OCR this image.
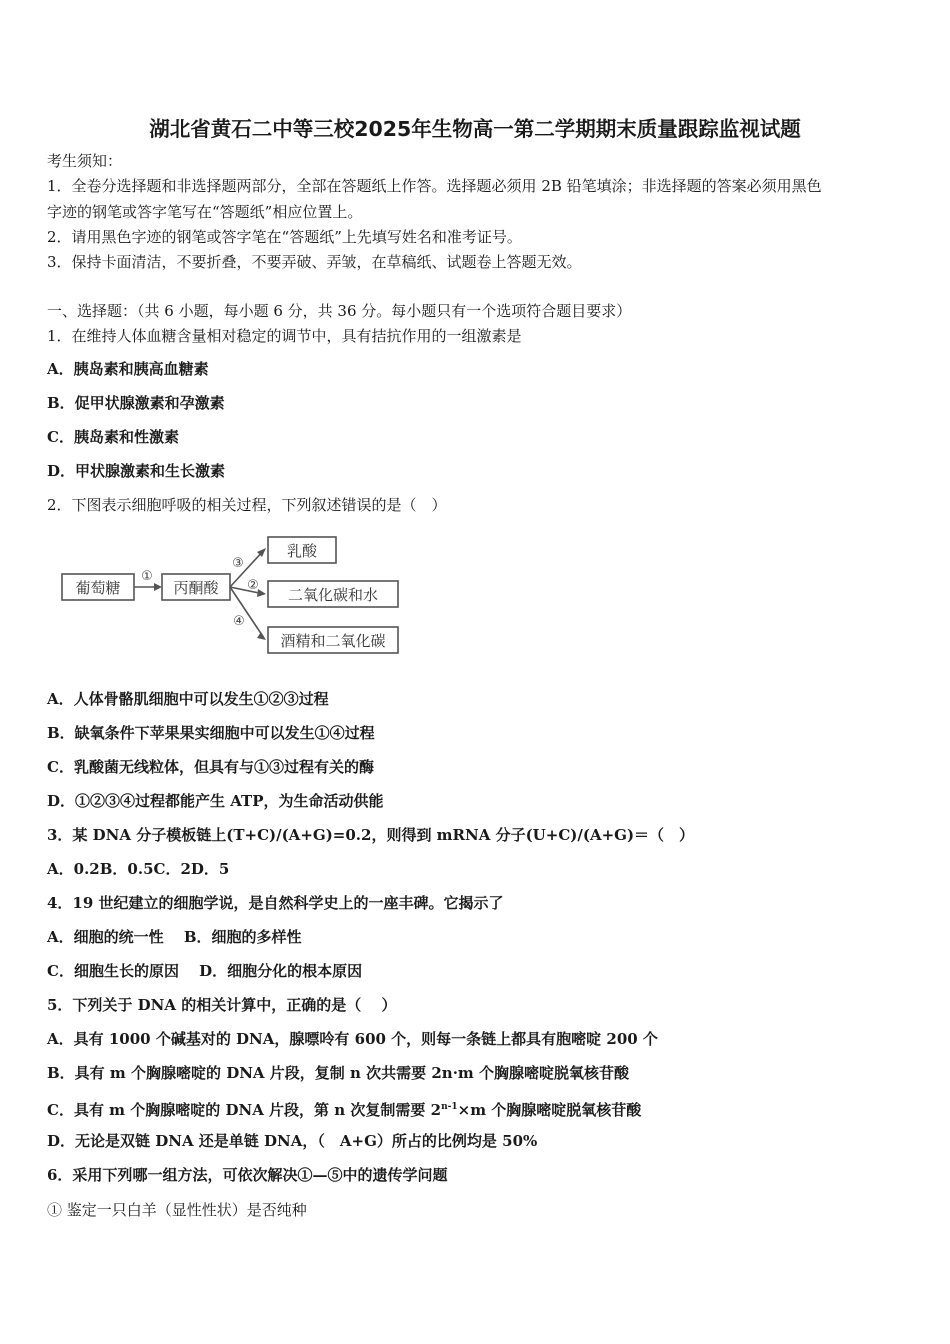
湖北省黄石二中等三校2025年生物高一第二学期期末质量跟踪监视试题
考生须知：
1．全卷分选择题和非选择题两部分，全部在答题纸上作答。选择题必须用 2B 铅笔填涂；非选择题的答案必须用黑色
字迹的钢笔或答字笔写在“答题纸”相应位置上。
2．请用黑色字迹的钢笔或答字笔在“答题纸”上先填写姓名和准考证号。
3．保持卡面清洁，不要折叠，不要弄破、弄皱，在草稿纸、试题卷上答题无效。
一、选择题：（共 6 小题，每小题 6 分，共 36 分。每小题只有一个选项符合题目要求）
1．在维持人体血糖含量相对稳定的调节中，具有拮抗作用的一组激素是
A．胰岛素和胰高血糖素
B．促甲状腺激素和孕激素
C．胰岛素和性激素
D．甲状腺激素和生长激素
2．下图表示细胞呼吸的相关过程，下列叙述错误的是（　）
葡萄糖	丙酮酸
乳酸
二氧化碳和水
酒精和二氧化碳
①
③
②
④
A．人体骨骼肌细胞中可以发生①②③过程
B．缺氧条件下苹果果实细胞中可以发生①④过程
C．乳酸菌无线粒体，但具有与①③过程有关的酶
D．①②③④过程都能产生 ATP，为生命活动供能
3．某 DNA 分子模板链上(T+C)/(A+G)=0.2，则得到 mRNA 分子(U+C)/(A+G)＝（　）
A．0.2B．0.5C．2D．5
4．19 世纪建立的细胞学说，是自然科学史上的一座丰碑。它揭示了
A．细胞的统一性　 B．细胞的多样性
C．细胞生长的原因　 D．细胞分化的根本原因
5．下列关于 DNA 的相关计算中，正确的是（　 ）
A．具有 1000 个碱基对的 DNA，腺嘌呤有 600 个，则每一条链上都具有胞嘧啶 200 个
B．具有 m 个胸腺嘧啶的 DNA 片段，复制 n 次共需要 2n·m 个胸腺嘧啶脱氧核苷酸
C．具有 m 个胸腺嘧啶的 DNA 片段，第 n 次复制需要 $2^{n-1}\times m$ 个胸腺嘧啶脱氧核苷酸
D．无论是双链 DNA 还是单链 DNA，（　A+G）所占的比例均是 50%
6．采用下列哪一组方法，可依次解决①—⑤中的遗传学问题
① 鉴定一只白羊（显性性状）是否纯种
